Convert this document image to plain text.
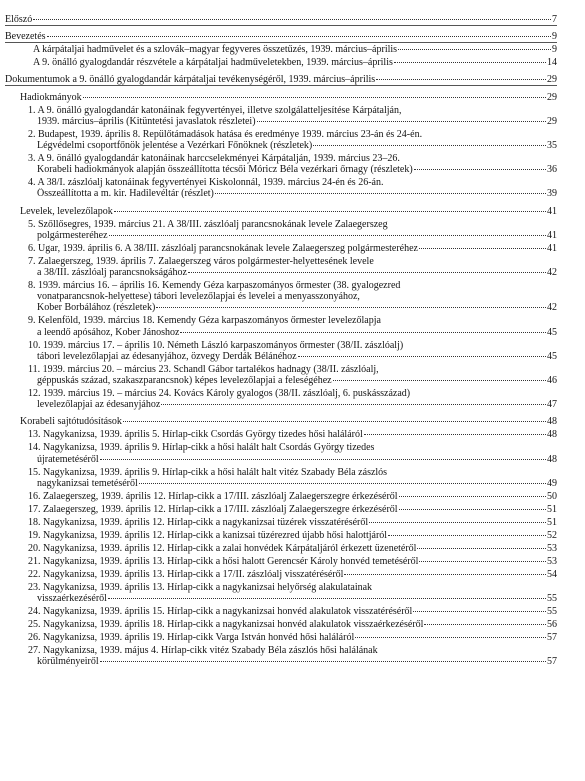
Előszó	7
Bevezetés	9
A kárpátaljai hadművelet és a szlovák–magyar fegyveres összetűzés, 1939. március–április	9
A 9. önálló gyalogdandár részvétele a kárpátaljai hadműveletekben, 1939. március–április	14
Dokumentumok a 9. önálló gyalogdandár kárpátaljai tevékenységéről, 1939. március–április	29
Hadiokmányok	29
1. A 9. önálló gyalogdandár katonáinak fegyvertényei, illetve szolgálatteljesítése Kárpátalján,
1939. március–április (Kitüntetési javaslatok részletei)	29
2. Budapest, 1939. április 8. Repülőtámadások hatása és eredménye 1939. március 23-án és 24-én.
Légvédelmi csoportfőnök jelentése a Vezérkari Főnöknek (részletek)	35
3. A 9. önálló gyalogdandár katonáinak harccselekményei Kárpátalján, 1939. március 23–26.
Korabeli hadiokmányok alapján összeállította técsői Móricz Béla vezérkari őrnagy (részletek)	36
4. A 38/I. zászlóalj katonáinak fegyvertényei Kiskolonnál, 1939. március 24-én és 26-án.
Összeállította a m. kir. Hadilevéltár (részlet)	39
Levelek, levelezőlapok	41
5. Szőllősegres, 1939. március 21. A 38/III. zászlóalj parancsnokának levele Zalaegerszeg
polgármesteréhez	41
6. Ugar, 1939. április 6. A 38/III. zászlóalj parancsnokának levele Zalaegerszeg polgármesteréhez	41
7. Zalaegerszeg, 1939. április 7. Zalaegerszeg város polgármester-helyettesének levele
a 38/III. zászlóalj parancsnokságához	42
8. 1939. március 16. – április 16. Kemendy Géza karpaszományos őrmester (38. gyalogezred
vonatparancsnok-helyettese) tábori levelezőlapjai és levelei a menyasszonyához,
Kober Borbálához (részletek)	42
9. Kelenföld, 1939. március 18. Kemendy Géza karpaszományos őrmester levelezőlapja
a leendő apósához, Kober Jánoshoz	45
10. 1939. március 17. – április 10. Németh László karpaszományos őrmester (38/II. zászlóalj)
tábori levelezőlapjai az édesanyjához, özvegy Derdák Bélánéhoz	45
11. 1939. március 20. – március 23. Schandl Gábor tartalékos hadnagy (38/II. zászlóalj,
géppuskás század, szakaszparancsnok) képes levelezőlapjai a feleségéhez	46
12. 1939. március 19. – március 24. Kovács Károly gyalogos (38/II. zászlóalj, 6. puskásszázad)
levelezőlapjai az édesanyjához	47
Korabeli sajtótudósítások	48
13. Nagykanizsa, 1939. április 5. Hírlap-cikk Csordás György tizedes hősi haláláról	48
14. Nagykanizsa, 1939. április 9. Hírlap-cikk a hősi halált halt Csordás György tizedes
újratemetéséről	48
15. Nagykanizsa, 1939. április 9. Hírlap-cikk a hősi halált halt vitéz Szabady Béla zászlós
nagykanizsai temetéséről	49
16. Zalaegerszeg, 1939. április 12. Hírlap-cikk a 17/III. zászlóalj Zalaegerszegre érkezéséről	50
17. Zalaegerszeg, 1939. április 12. Hírlap-cikk a 17/III. zászlóalj Zalaegerszegre érkezéséről	51
18. Nagykanizsa, 1939. április 12. Hírlap-cikk a nagykanizsai tüzérek visszatéréséről	51
19. Nagykanizsa, 1939. április 12. Hírlap-cikk a kanizsai tüzérezred újabb hősi halottjáról	52
20. Nagykanizsa, 1939. április 12. Hírlap-cikk a zalai honvédek Kárpátaljáról érkezett üzenetéről	53
21. Nagykanizsa, 1939. április 13. Hírlap-cikk a hősi halott Gerencsér Károly honvéd temetéséről	53
22. Nagykanizsa, 1939. április 13. Hírlap-cikk a 17/II. zászlóalj visszatéréséről	54
23. Nagykanizsa, 1939. április 13. Hírlap-cikk a nagykanizsai helyőrség alakulatainak
visszaérkezéséről	55
24. Nagykanizsa, 1939. április 15. Hírlap-cikk a nagykanizsai honvéd alakulatok visszatéréséről	55
25. Nagykanizsa, 1939. április 18. Hírlap-cikk a nagykanizsai honvéd alakulatok visszaérkezéséről	56
26. Nagykanizsa, 1939. április 19. Hírlap-cikk Varga István honvéd hősi haláláról	57
27. Nagykanizsa, 1939. május 4. Hírlap-cikk vitéz Szabady Béla zászlós hősi halálának
körülményeiről	57
